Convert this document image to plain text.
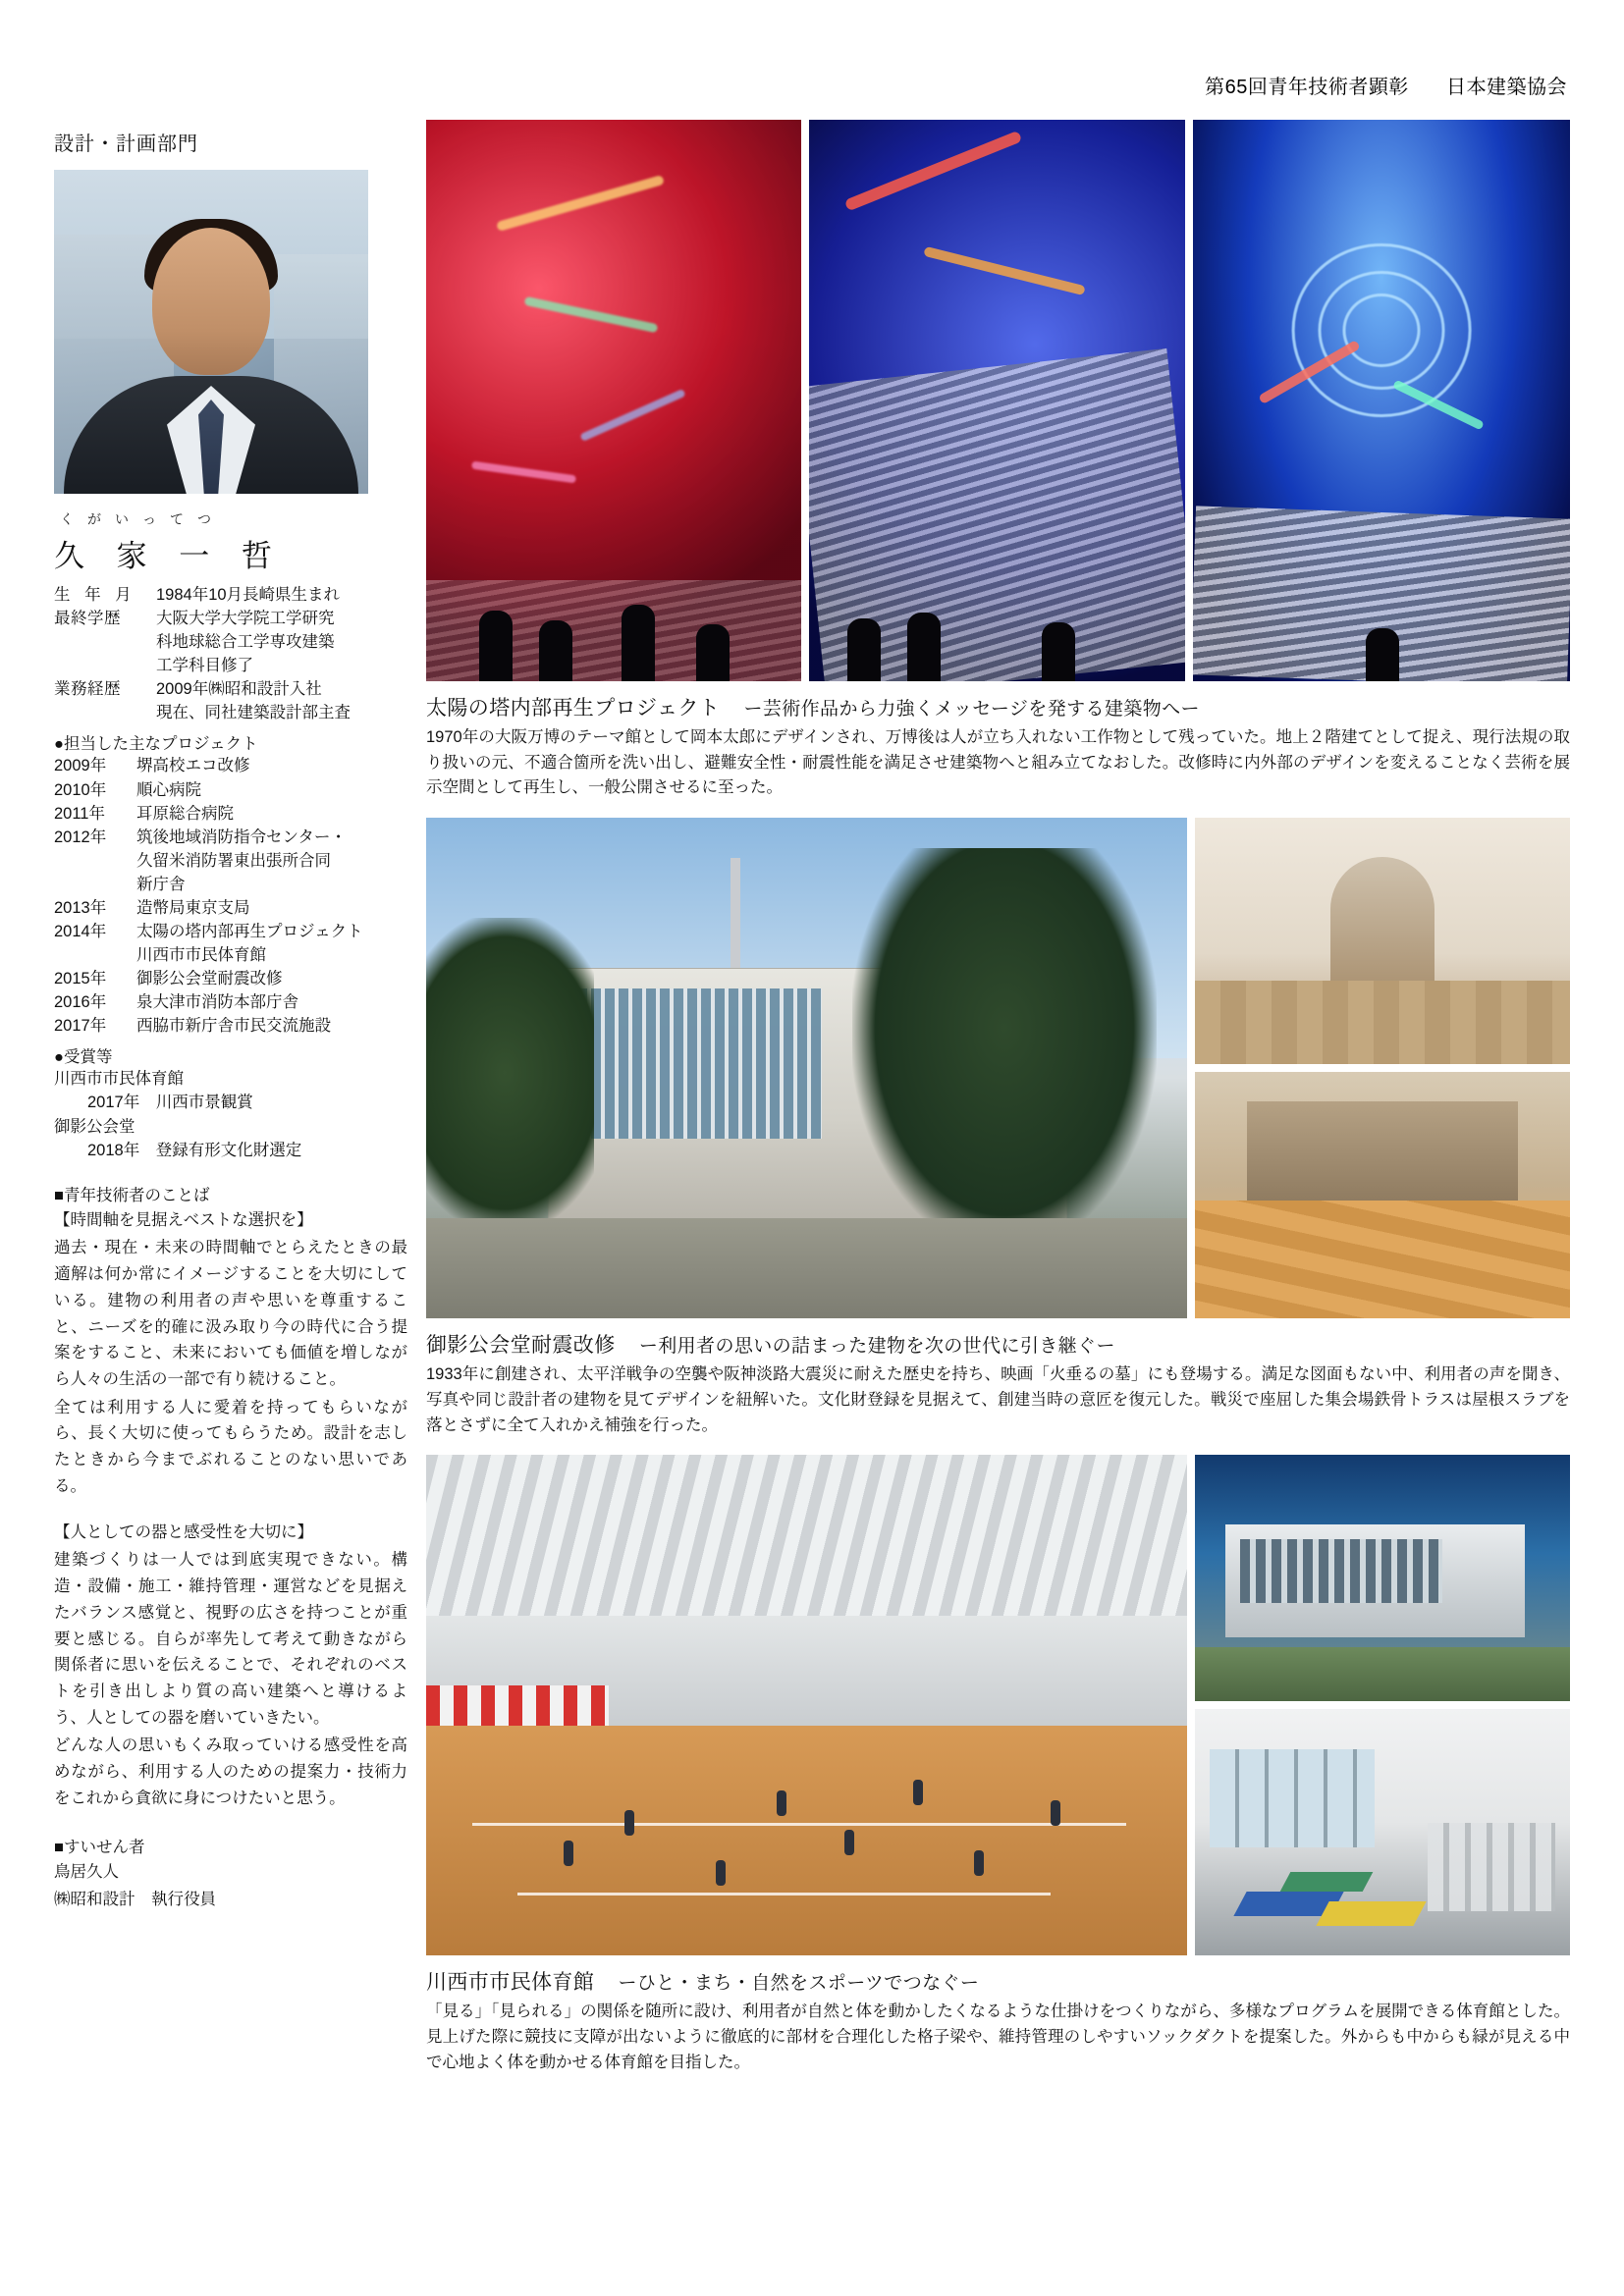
第65回青年技術者顕彰 日本建築協会
設計・計画部門
くがいってつ
久 家 一 哲
生 年 月	1984年10月長崎県生まれ
最終学歴	大阪大学大学院工学研究
科地球総合工学専攻建築
工学科目修了
業務経歴	2009年㈱昭和設計入社
現在、同社建築設計部主査
●担当した主なプロジェクト
2009年	堺高校エコ改修
2010年	順心病院
2011年	耳原総合病院
2012年	筑後地域消防指令センター・
久留米消防署東出張所合同
新庁舎
2013年	造幣局東京支局
2014年	太陽の塔内部再生プロジェクト
川西市市民体育館
2015年	御影公会堂耐震改修
2016年	泉大津市消防本部庁舎
2017年	西脇市新庁舎市民交流施設
●受賞等
川西市市民体育館
2017年　川西市景観賞
御影公会堂
2018年　登録有形文化財選定
■青年技術者のことば
【時間軸を見据えベストな選択を】
過去・現在・未来の時間軸でとらえたときの最適解は何か常にイメージすることを大切にしている。建物の利用者の声や思いを尊重すること、ニーズを的確に汲み取り今の時代に合う提案をすること、未来においても価値を増しながら人々の生活の一部で有り続けること。
全ては利用する人に愛着を持ってもらいながら、長く大切に使ってもらうため。設計を志したときから今までぶれることのない思いである。
【人としての器と感受性を大切に】
建築づくりは一人では到底実現できない。構造・設備・施工・維持管理・運営などを見据えたバランス感覚と、視野の広さを持つことが重要と感じる。自らが率先して考えて動きながら関係者に思いを伝えることで、それぞれのベストを引き出しより質の高い建築へと導けるよう、人としての器を磨いていきたい。
どんな人の思いもくみ取っていける感受性を高めながら、利用する人のための提案力・技術力をこれから貪欲に身につけたいと思う。
■すいせん者
鳥居久人
㈱昭和設計　執行役員
太陽の塔内部再生プロジェクト ー芸術作品から力強くメッセージを発する建築物へー
1970年の大阪万博のテーマ館として岡本太郎にデザインされ、万博後は人が立ち入れない工作物として残っていた。地上２階建てとして捉え、現行法規の取り扱いの元、不適合箇所を洗い出し、避難安全性・耐震性能を満足させ建築物へと組み立てなおした。改修時に内外部のデザインを変えることなく芸術を展示空間として再生し、一般公開させるに至った。
御影公会堂耐震改修 ー利用者の思いの詰まった建物を次の世代に引き継ぐー
1933年に創建され、太平洋戦争の空襲や阪神淡路大震災に耐えた歴史を持ち、映画「火垂るの墓」にも登場する。満足な図面もない中、利用者の声を聞き、写真や同じ設計者の建物を見てデザインを紐解いた。文化財登録を見据えて、創建当時の意匠を復元した。戦災で座屈した集会場鉄骨トラスは屋根スラブを落とさずに全て入れかえ補強を行った。
川西市市民体育館 ーひと・まち・自然をスポーツでつなぐー
「見る」「見られる」の関係を随所に設け、利用者が自然と体を動かしたくなるような仕掛けをつくりながら、多様なプログラムを展開できる体育館とした。見上げた際に競技に支障が出ないように徹底的に部材を合理化した格子梁や、維持管理のしやすいソックダクトを提案した。外からも中からも緑が見える中で心地よく体を動かせる体育館を目指した。
